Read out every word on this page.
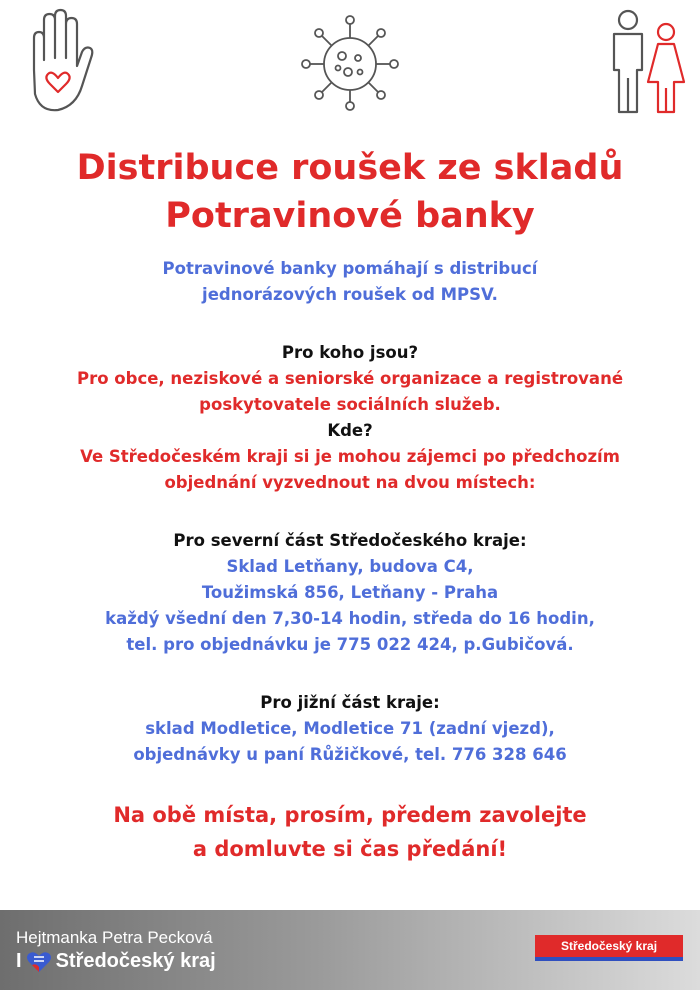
Distribuce roušek ze skladů
Potravinové banky

Potravinové banky pomáhají s distribucí

jednorázových roušek od MPSV.

Pro koho jsou?

Pro obce, neziskové a seniorské organizace a registrované

poskytovatele sociálních služeb.

Kde?

Ve Středočeském kraji si je mohou zájemci po předchozím

objednání vyzvednout na dvou místech:

Pro severní část Středočeského kraje:

Sklad Letňany, budova C4,

Toužimská 856, Letňany - Praha

každý všední den 7,30-14 hodin, středa do 16 hodin,

tel. pro objednávku je 775 022 424, p.Gubičová.

Pro jižní část kraje:

sklad Modletice, Modletice 71 (zadní vjezd),

objednávky u paní Růžičkové, tel. 776 328 646

Na obě místa, prosím, předem zavolejte
a domluvte si čas předání!

Hejtmanka Petra Pecková
I Středočeský kraj
Středočeský kraj
